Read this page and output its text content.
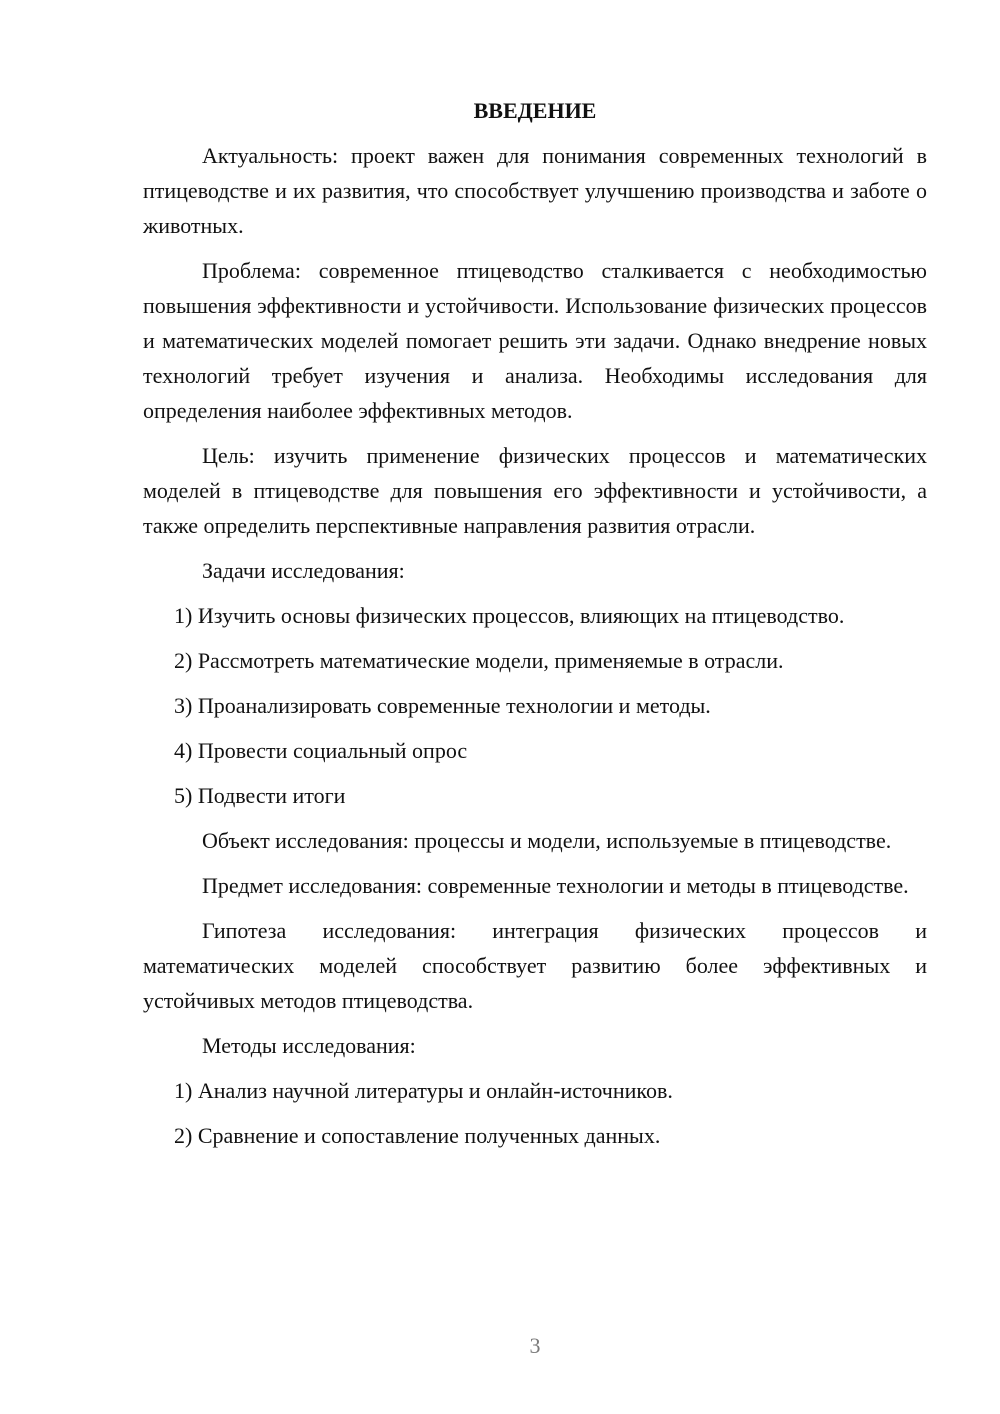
ВВЕДЕНИЕ

Актуальность: проект важен для понимания современных технологий в птицеводстве и их развития, что способствует улучшению производства и заботе о животных.

Проблема: современное птицеводство сталкивается с необходимостью повышения эффективности и устойчивости. Использование физических процессов и математических моделей помогает решить эти задачи. Однако внедрение новых технологий требует изучения и анализа. Необходимы исследования для определения наиболее эффективных методов.

Цель: изучить применение физических процессов и математических моделей в птицеводстве для повышения его эффективности и устойчивости, а также определить перспективные направления развития отрасли.

Задачи исследования:

1) Изучить основы физических процессов, влияющих на птицеводство.
2) Рассмотреть математические модели, применяемые в отрасли.
3) Проанализировать современные технологии и методы.
4) Провести социальный опрос
5) Подвести итоги

Объект исследования: процессы и модели, используемые в птицеводстве.

Предмет исследования: современные технологии и методы в птицеводстве.

Гипотеза исследования: интеграция физических процессов и математических моделей способствует развитию более эффективных и устойчивых методов птицеводства.

Методы исследования:

1) Анализ научной литературы и онлайн-источников.
2) Сравнение и сопоставление полученных данных.
3
